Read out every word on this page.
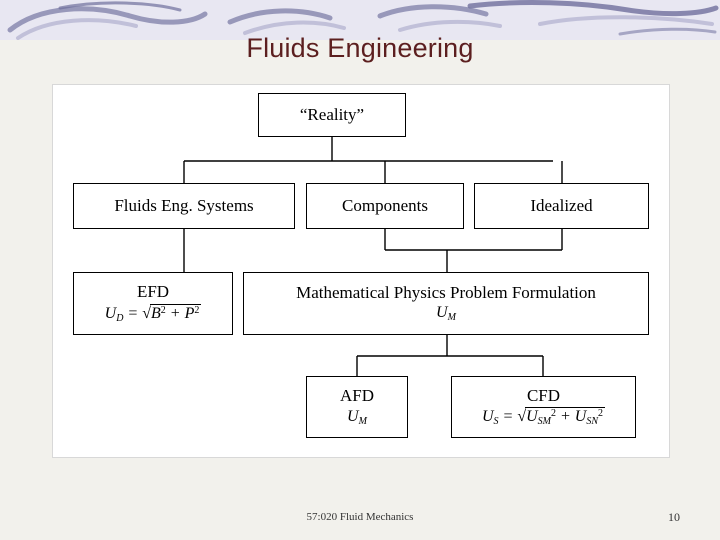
Fluids Engineering
“Reality”
Fluids Eng. Systems	Components	Idealized
EFD
$U_D = √B^2 + P^2$
Mathematical Physics Problem Formulation
$U_M$
AFD
$U_M$
CFD
$U_S = √U_{SM}^2 + U_{SN}^2$
57:020 Fluid Mechanics	10
